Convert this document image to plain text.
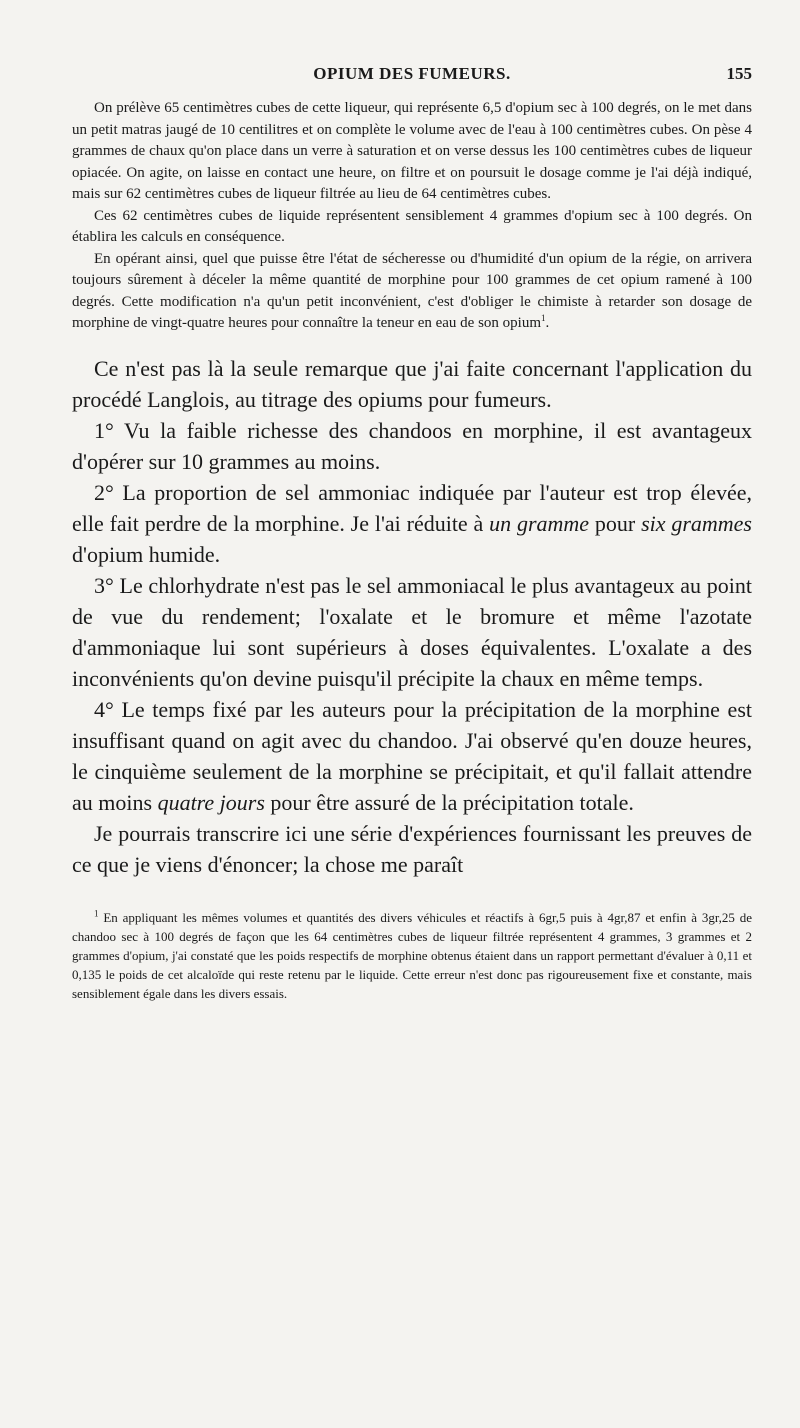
OPIUM DES FUMEURS.	155

On prélève 65 centimètres cubes de cette liqueur, qui représente 6,5 d'opium sec à 100 degrés, on le met dans un petit matras jaugé de 10 centilitres et on complète le volume avec de l'eau à 100 centimètres cubes. On pèse 4 grammes de chaux qu'on place dans un verre à saturation et on verse dessus les 100 centimètres cubes de liqueur opiacée. On agite, on laisse en contact une heure, on filtre et on poursuit le dosage comme je l'ai déjà indiqué, mais sur 62 centimètres cubes de liqueur filtrée au lieu de 64 centimètres cubes.

Ces 62 centimètres cubes de liquide représentent sensiblement 4 grammes d'opium sec à 100 degrés. On établira les calculs en conséquence.

En opérant ainsi, quel que puisse être l'état de sécheresse ou d'humidité d'un opium de la régie, on arrivera toujours sûrement à déceler la même quantité de morphine pour 100 grammes de cet opium ramené à 100 degrés. Cette modification n'a qu'un petit inconvénient, c'est d'obliger le chimiste à retarder son dosage de morphine de vingt-quatre heures pour connaître la teneur en eau de son opium$^1$.

Ce n'est pas là la seule remarque que j'ai faite concernant l'application du procédé Langlois, au titrage des opiums pour fumeurs.

1° Vu la faible richesse des chandoos en morphine, il est avantageux d'opérer sur 10 grammes au moins.

2° La proportion de sel ammoniac indiquée par l'auteur est trop élevée, elle fait perdre de la morphine. Je l'ai réduite à un gramme pour six grammes d'opium humide.

3° Le chlorhydrate n'est pas le sel ammoniacal le plus avantageux au point de vue du rendement; l'oxalate et le bromure et même l'azotate d'ammoniaque lui sont supérieurs à doses équivalentes. L'oxalate a des inconvénients qu'on devine puisqu'il précipite la chaux en même temps.

4° Le temps fixé par les auteurs pour la précipitation de la morphine est insuffisant quand on agit avec du chandoo. J'ai observé qu'en douze heures, le cinquième seulement de la morphine se précipitait, et qu'il fallait attendre au moins quatre jours pour être assuré de la précipitation totale.

Je pourrais transcrire ici une série d'expériences fournissant les preuves de ce que je viens d'énoncer; la chose me paraît

$^1$ En appliquant les mêmes volumes et quantités des divers véhicules et réactifs à 6gr,5 puis à 4gr,87 et enfin à 3gr,25 de chandoo sec à 100 degrés de façon que les 64 centimètres cubes de liqueur filtrée représentent 4 grammes, 3 grammes et 2 grammes d'opium, j'ai constaté que les poids respectifs de morphine obtenus étaient dans un rapport permettant d'évaluer à 0,11 et 0,135 le poids de cet alcaloïde qui reste retenu par le liquide. Cette erreur n'est donc pas rigoureusement fixe et constante, mais sensiblement égale dans les divers essais.
